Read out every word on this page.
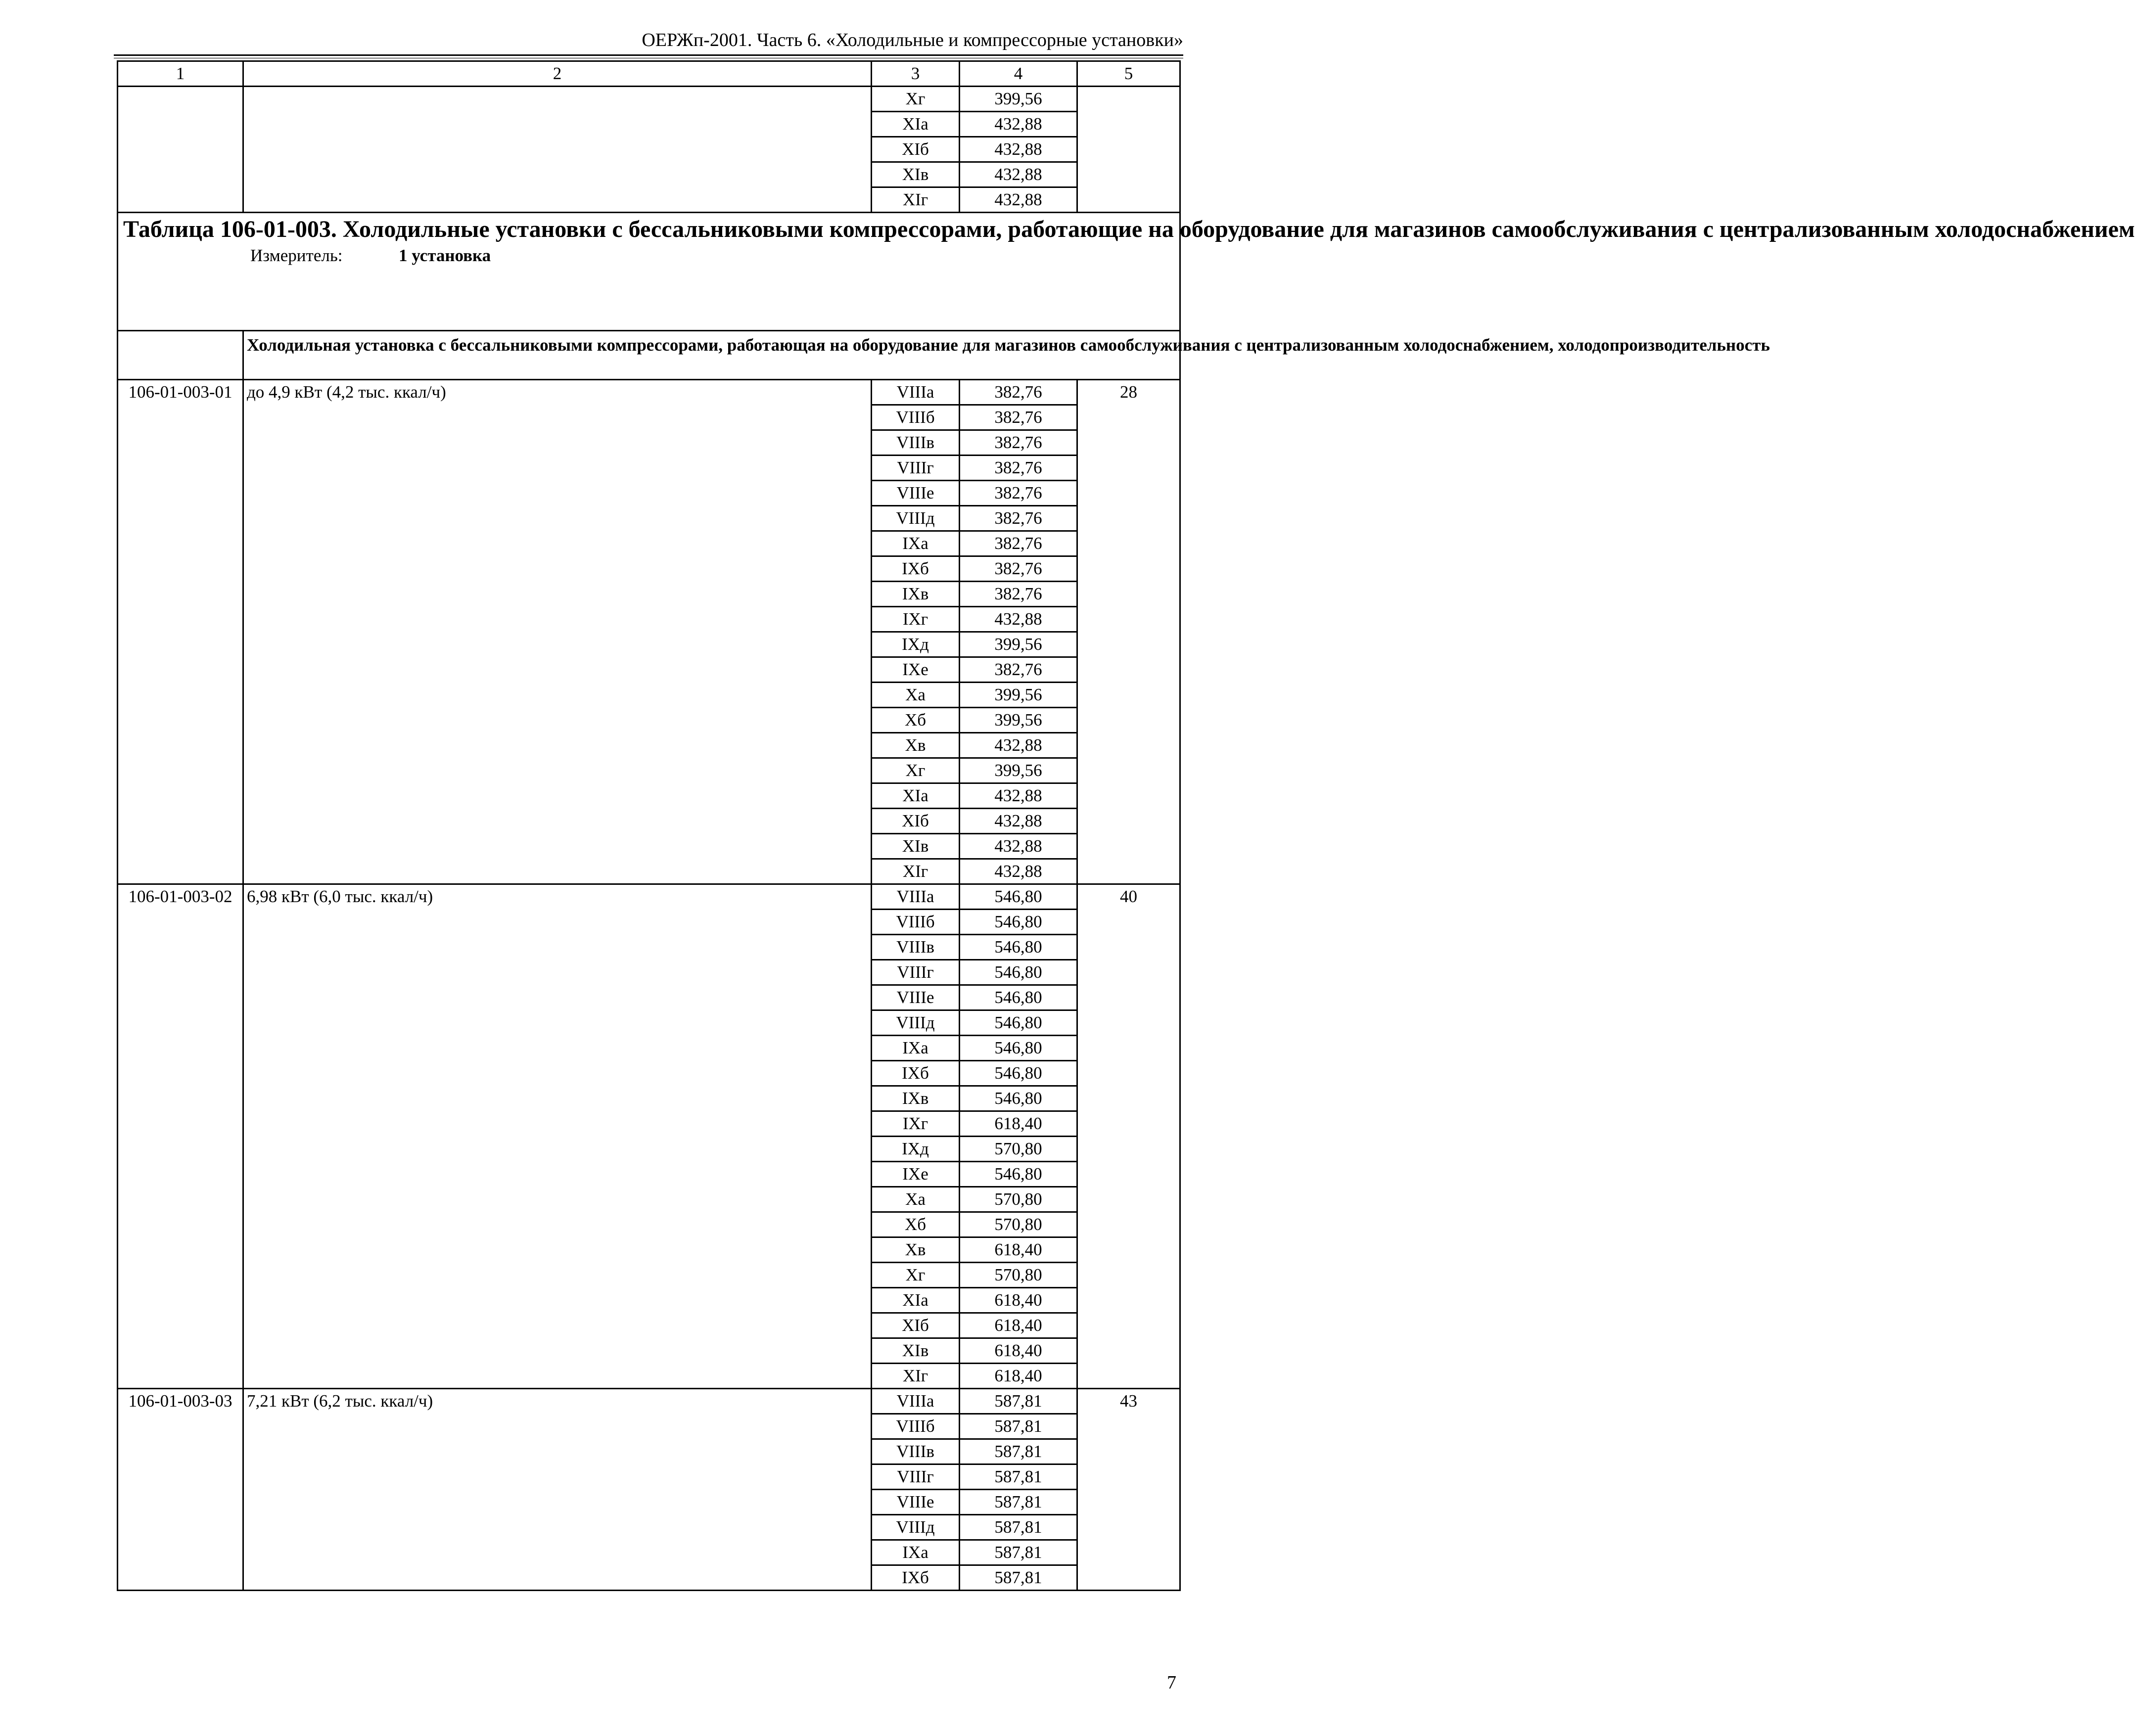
ОЕРЖп-2001. Часть 6. «Холодильные и компрессорные установки»
1	2	3	4	5
		Xг	399,56	
		XIа	432,88	
		XIб	432,88	
		XIв	432,88	
		XIг	432,88	

Таблица 106-01-003. Холодильные установки с бессальниковыми компрессорами, работающие на оборудование для магазинов самообслуживания с централизованным холодоснабжением
Измеритель: 1 установка				

	Холодильная установка с бессальниковыми компрессорами, работающая на оборудование для магазинов самообслуживания с централизованным холодоснабжением, холодопроизводительность			
106-01-003-01	до 4,9 кВт (4,2 тыс. ккал/ч)	VIIIа	382,76	28
		VIIIб	382,76	
		VIIIв	382,76	
		VIIIг	382,76	
		VIIIе	382,76	
		VIIIд	382,76	
		IXа	382,76	
		IXб	382,76	
		IXв	382,76	
		IXг	432,88	
		IXд	399,56	
		IXе	382,76	
		Xа	399,56	
		Xб	399,56	
		Xв	432,88	
		Xг	399,56	
		XIа	432,88	
		XIб	432,88	
		XIв	432,88	
		XIг	432,88	
106-01-003-02	6,98 кВт (6,0 тыс. ккал/ч)	VIIIа	546,80	40
		VIIIб	546,80	
		VIIIв	546,80	
		VIIIг	546,80	
		VIIIе	546,80	
		VIIIд	546,80	
		IXа	546,80	
		IXб	546,80	
		IXв	546,80	
		IXг	618,40	
		IXд	570,80	
		IXе	546,80	
		Xа	570,80	
		Xб	570,80	
		Xв	618,40	
		Xг	570,80	
		XIа	618,40	
		XIб	618,40	
		XIв	618,40	
		XIг	618,40	
106-01-003-03	7,21 кВт (6,2 тыс. ккал/ч)	VIIIа	587,81	43
		VIIIб	587,81	
		VIIIв	587,81	
		VIIIг	587,81	
		VIIIе	587,81	
		VIIIд	587,81	
		IXа	587,81	
		IXб	587,81	
7
